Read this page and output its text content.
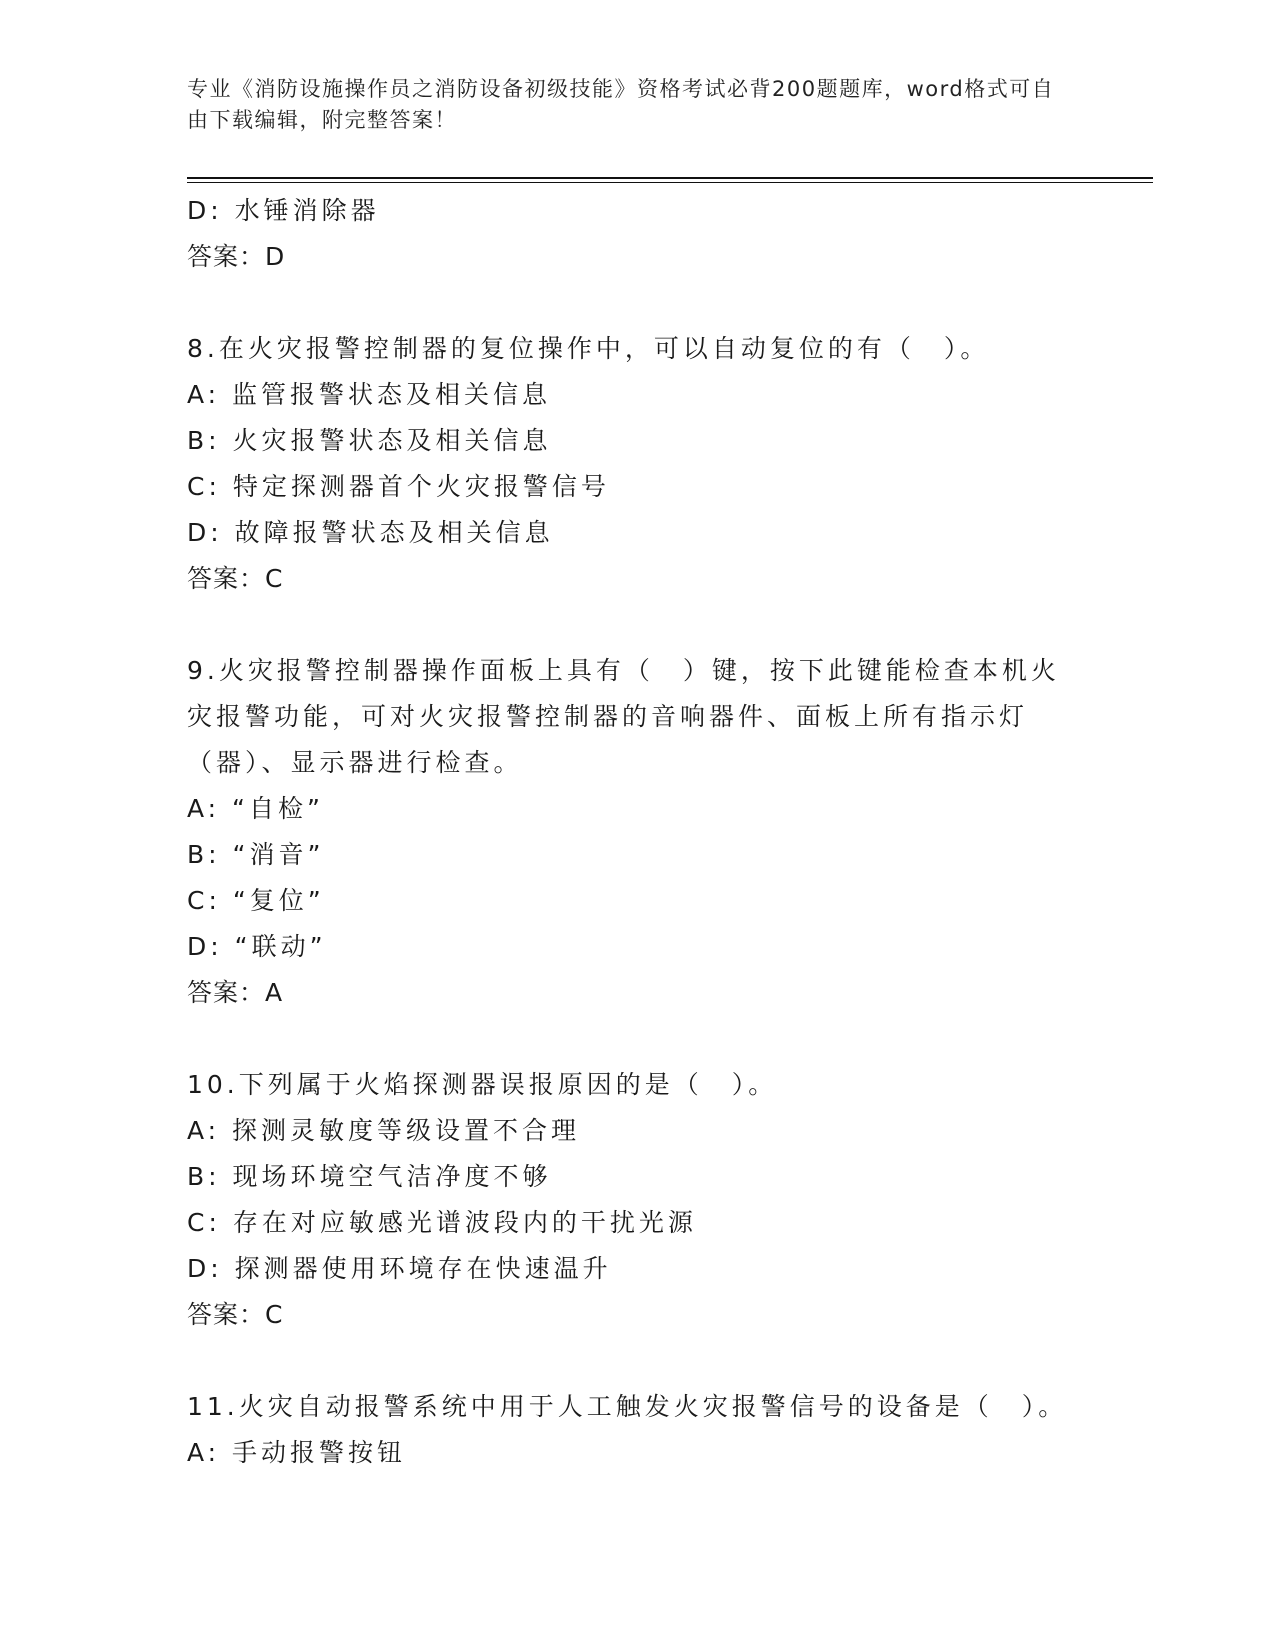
专业《消防设施操作员之消防设备初级技能》资格考试必背200题题库，word格式可自由下载编辑，附完整答案！
D: 水锤消除器
答案：D
8.在火灾报警控制器的复位操作中，可以自动复位的有（　）。
A: 监管报警状态及相关信息
B: 火灾报警状态及相关信息
C: 特定探测器首个火灾报警信号
D: 故障报警状态及相关信息
答案：C
9.火灾报警控制器操作面板上具有（　）键，按下此键能检查本机火灾报警功能，可对火灾报警控制器的音响器件、面板上所有指示灯（器）、显示器进行检查。
A: “自检”
B: “消音”
C: “复位”
D: “联动”
答案：A
10.下列属于火焰探测器误报原因的是（　）。
A: 探测灵敏度等级设置不合理
B: 现场环境空气洁净度不够
C: 存在对应敏感光谱波段内的干扰光源
D: 探测器使用环境存在快速温升
答案：C
11.火灾自动报警系统中用于人工触发火灾报警信号的设备是（　）。
A: 手动报警按钮
